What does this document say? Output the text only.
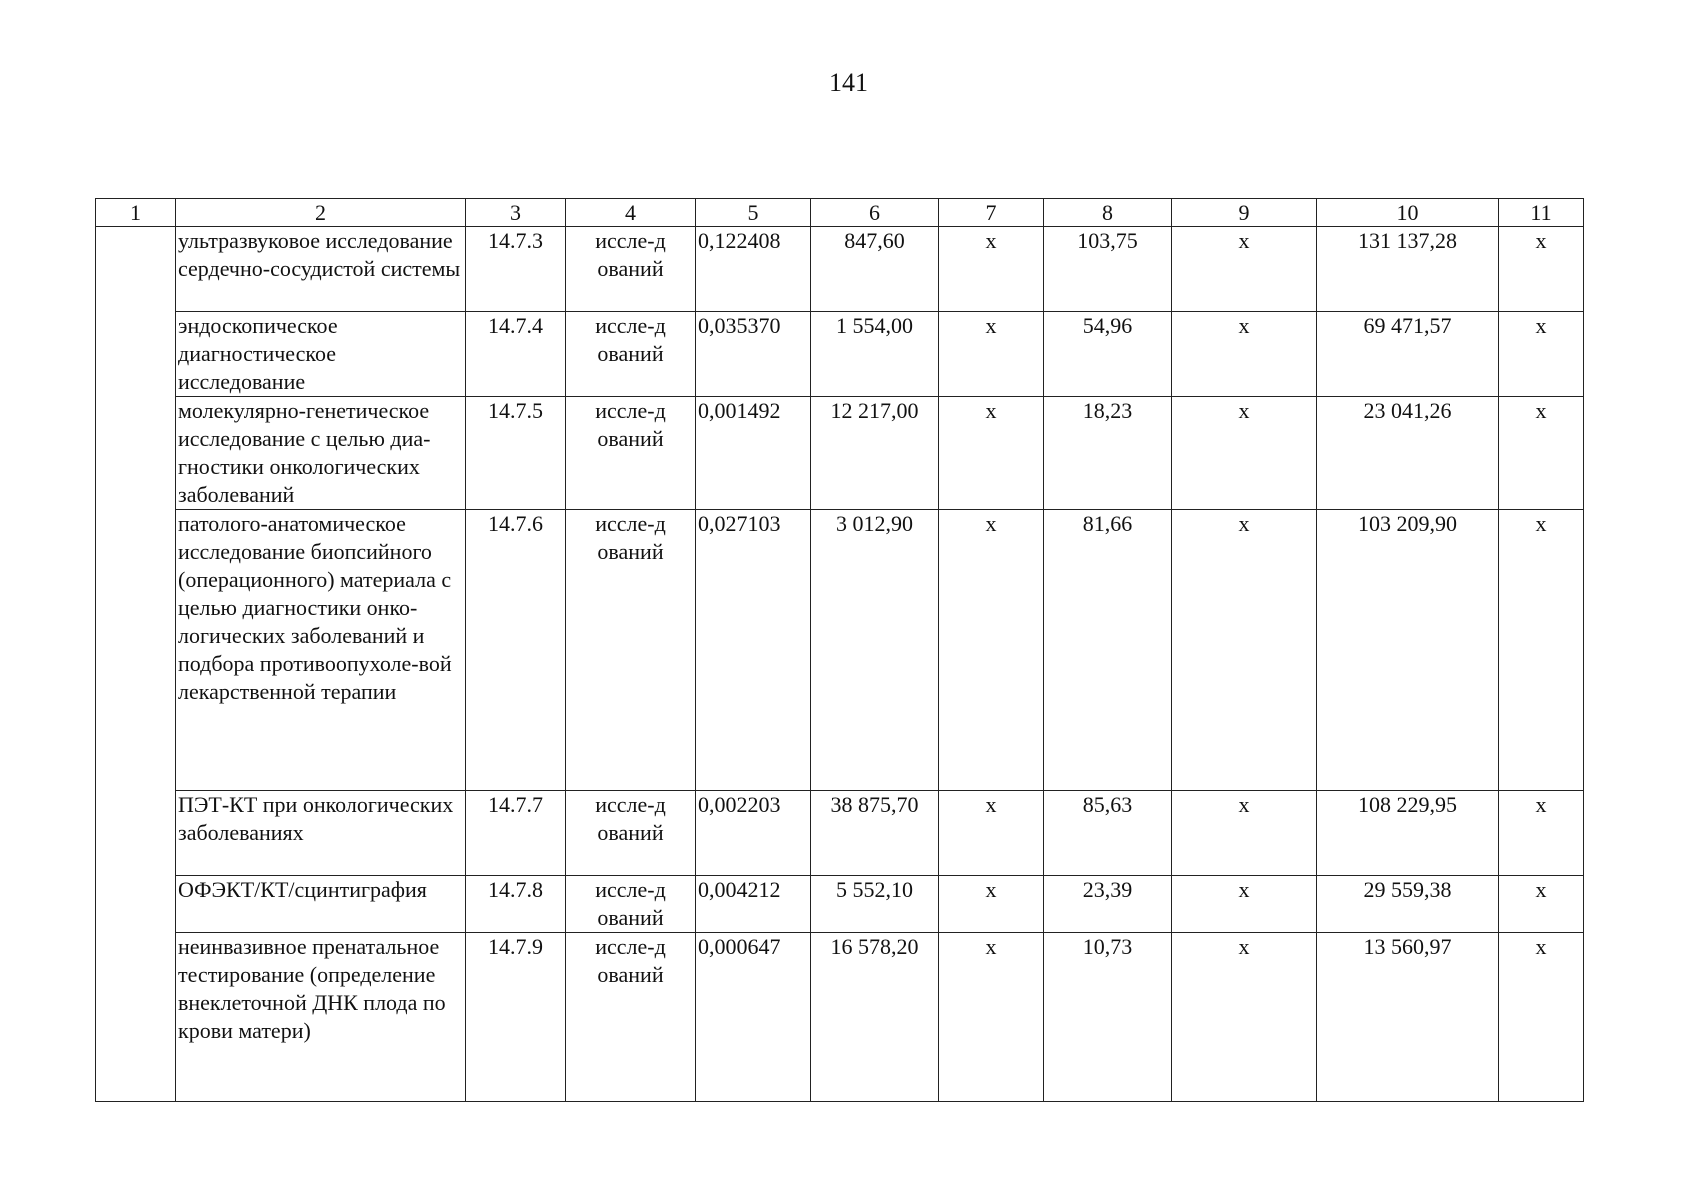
141
1	2	3	4	5	6	7	8	9	10	11
	ультразвуковое исследование сердечно-сосудистой системы	14.7.3	иссле-дований	0,122408	847,60	х	103,75	х	131 137,28	х
	эндоскопическое диагностическое исследование	14.7.4	иссле-дований	0,035370	1 554,00	х	54,96	х	69 471,57	х
	молекулярно-генетическое исследование с целью диа-гностики онкологических заболеваний	14.7.5	иссле-дований	0,001492	12 217,00	х	18,23	х	23 041,26	х
	патолого-анатомическое исследование биопсийного (операционного) материала с целью диагностики онко-логических заболеваний и подбора противоопухоле-вой лекарственной терапии	14.7.6	иссле-дований	0,027103	3 012,90	х	81,66	х	103 209,90	х
	ПЭТ-КТ при онкологических заболеваниях	14.7.7	иссле-дований	0,002203	38 875,70	х	85,63	х	108 229,95	х
	ОФЭКТ/КТ/сцинтиграфия	14.7.8	иссле-дований	0,004212	5 552,10	х	23,39	х	29 559,38	х
	неинвазивное пренатальное тестирование (определение внеклеточной ДНК плода по крови матери)	14.7.9	иссле-дований	0,000647	16 578,20	х	10,73	х	13 560,97	х
